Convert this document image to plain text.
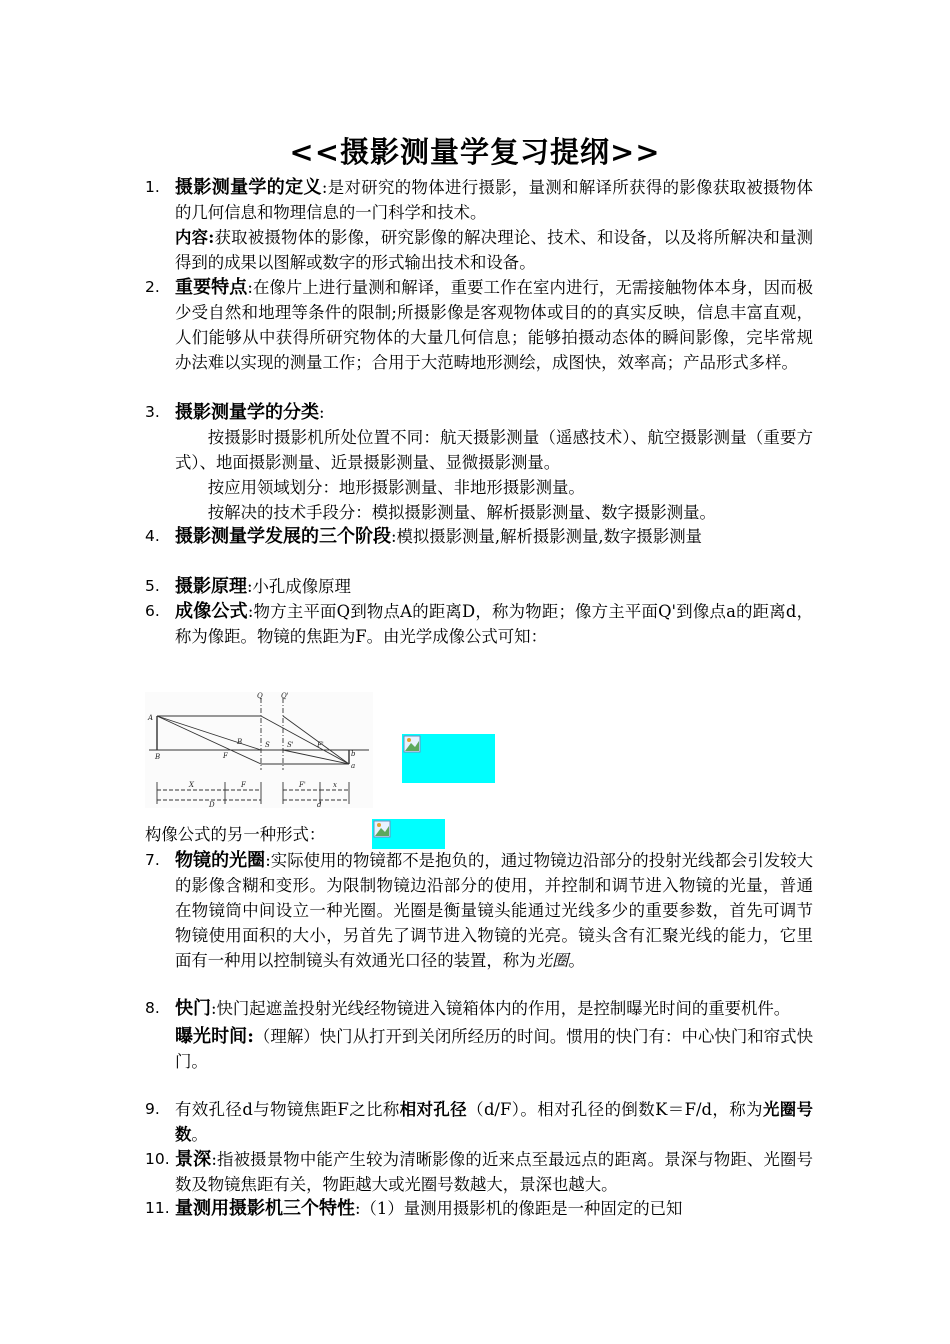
<<摄影测量学复习提纲>>
1. 摄影测量学的定义:是对研究的物体进行摄影，量测和解译所获得的影像获取被摄物体的几何信息和物理信息的一门科学和技术。
内容:获取被摄物体的影像，研究影像的解决理论、技术、和设备，以及将所解决和量测得到的成果以图解或数字的形式输出技术和设备。
2. 重要特点:在像片上进行量测和解译，重要工作在室内进行，无需接触物体本身，因而极少受自然和地理等条件的限制;所摄影像是客观物体或目的的真实反映，信息丰富直观，人们能够从中获得所研究物体的大量几何信息；能够拍摄动态体的瞬间影像，完毕常规办法难以实现的测量工作；合用于大范畴地形测绘，成图快，效率高；产品形式多样。
3. 摄影测量学的分类:
按摄影时摄影机所处位置不同：航天摄影测量（遥感技术）、航空摄影测量（重要方式）、地面摄影测量、近景摄影测量、显微摄影测量。
按应用领域划分：地形摄影测量、非地形摄影测量。
按解决的技术手段分：模拟摄影测量、解析摄影测量、数字摄影测量。
4. 摄影测量学发展的三个阶段:模拟摄影测量,解析摄影测量,数字摄影测量
5. 摄影原理:小孔成像原理
6. 成像公式:物方主平面Q到物点A的距离D，称为物距；像方主平面Q'到像点a的距离d，称为像距。物镜的焦距为F。由光学成像公式可知：
Q	Q'
A
B
B	S S'
F
F'
a
b
X	F
D
F'	x
d
构像公式的另一种形式：
7. 物镜的光圈:实际使用的物镜都不是抱负的，通过物镜边沿部分的投射光线都会引发较大的影像含糊和变形。为限制物镜边沿部分的使用，并控制和调节进入物镜的光量，普通在物镜筒中间设立一种光圈。光圈是衡量镜头能通过光线多少的重要参数，首先可调节物镜使用面积的大小，另首先了调节进入物镜的光亮。镜头含有汇聚光线的能力，它里面有一种用以控制镜头有效通光口径的装置，称为光圈。
8. 快门:快门起遮盖投射光线经物镜进入镜箱体内的作用，是控制曝光时间的重要机件。
曝光时间:（理解）快门从打开到关闭所经历的时间。惯用的快门有：中心快门和帘式快门。
9. 有效孔径d与物镜焦距F之比称相对孔径（d/F）。相对孔径的倒数K＝F/d，称为光圈号数。
10. 景深:指被摄景物中能产生较为清晰影像的近来点至最远点的距离。景深与物距、光圈号数及物镜焦距有关，物距越大或光圈号数越大，景深也越大。
11. 量测用摄影机三个特性:（1）量测用摄影机的像距是一种固定的已知
